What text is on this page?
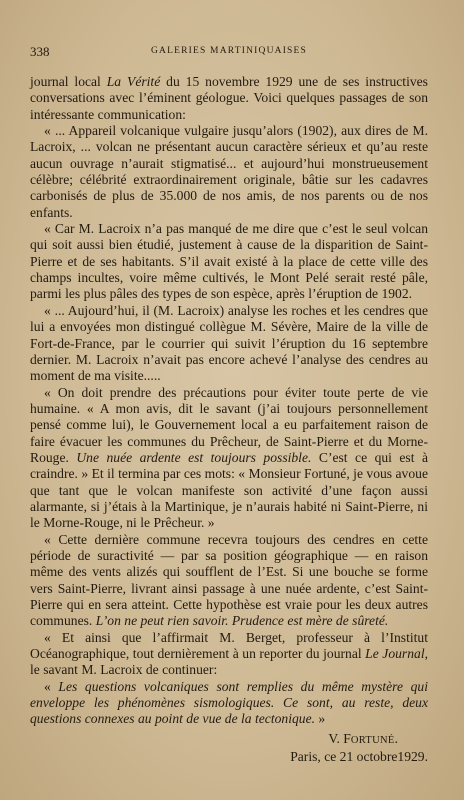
338	GALERIES MARTINIQUAISES

journal local La Vérité du 15 novembre 1929 une de ses instructives conversations avec l’éminent géologue. Voici quelques passages de son intéressante communication:

« ... Appareil volcanique vulgaire jusqu’alors (1902), aux dires de M. Lacroix, ... volcan ne présentant aucun caractère sérieux et qu’au reste aucun ouvrage n’aurait stigmatisé... et aujourd’hui monstrueusement célèbre; célébrité extraordinairement originale, bâtie sur les cadavres carbonisés de plus de 35.000 de nos amis, de nos parents ou de nos enfants.

« Car M. Lacroix n’a pas manqué de me dire que c’est le seul volcan qui soit aussi bien étudié, justement à cause de la disparition de Saint-Pierre et de ses habitants. S’il avait existé à la place de cette ville des champs incultes, voire même cultivés, le Mont Pelé serait resté pâle, parmi les plus pâles des types de son espèce, après l’éruption de 1902.

« ... Aujourd’hui, il (M. Lacroix) analyse les roches et les cendres que lui a envoyées mon distingué collègue M. Sévère, Maire de la ville de Fort-de-France, par le courrier qui suivit l’éruption du 16 septembre dernier. M. Lacroix n’avait pas encore achevé l’analyse des cendres au moment de ma visite.....

« On doit prendre des précautions pour éviter toute perte de vie humaine. « A mon avis, dit le savant (j’ai toujours personnellement pensé comme lui), le Gouvernement local a eu parfaitement raison de faire évacuer les communes du Prêcheur, de Saint-Pierre et du Morne-Rouge. Une nuée ardente est toujours possible. C’est ce qui est à craindre. » Et il termina par ces mots: « Monsieur Fortuné, je vous avoue que tant que le volcan manifeste son activité d’une façon aussi alarmante, si j’étais à la Martinique, je n’aurais habité ni Saint-Pierre, ni le Morne-Rouge, ni le Prêcheur. »

« Cette dernière commune recevra toujours des cendres en cette période de suractivité — par sa position géographique — en raison même des vents alizés qui soufflent de l’Est. Si une bouche se forme vers Saint-Pierre, livrant ainsi passage à une nuée ardente, c’est Saint-Pierre qui en sera atteint. Cette hypothèse est vraie pour les deux autres communes. L’on ne peut rien savoir. Prudence est mère de sûreté.

« Et ainsi que l’affirmait M. Berget, professeur à l’Institut Océanographique, tout dernièrement à un reporter du journal Le Journal, le savant M. Lacroix de continuer:

« Les questions volcaniques sont remplies du même mystère qui enveloppe les phénomènes sismologiques. Ce sont, au reste, deux questions connexes au point de vue de la tectonique. »

V. FORTUNÉ.
Paris, ce 21 octobre1929.
